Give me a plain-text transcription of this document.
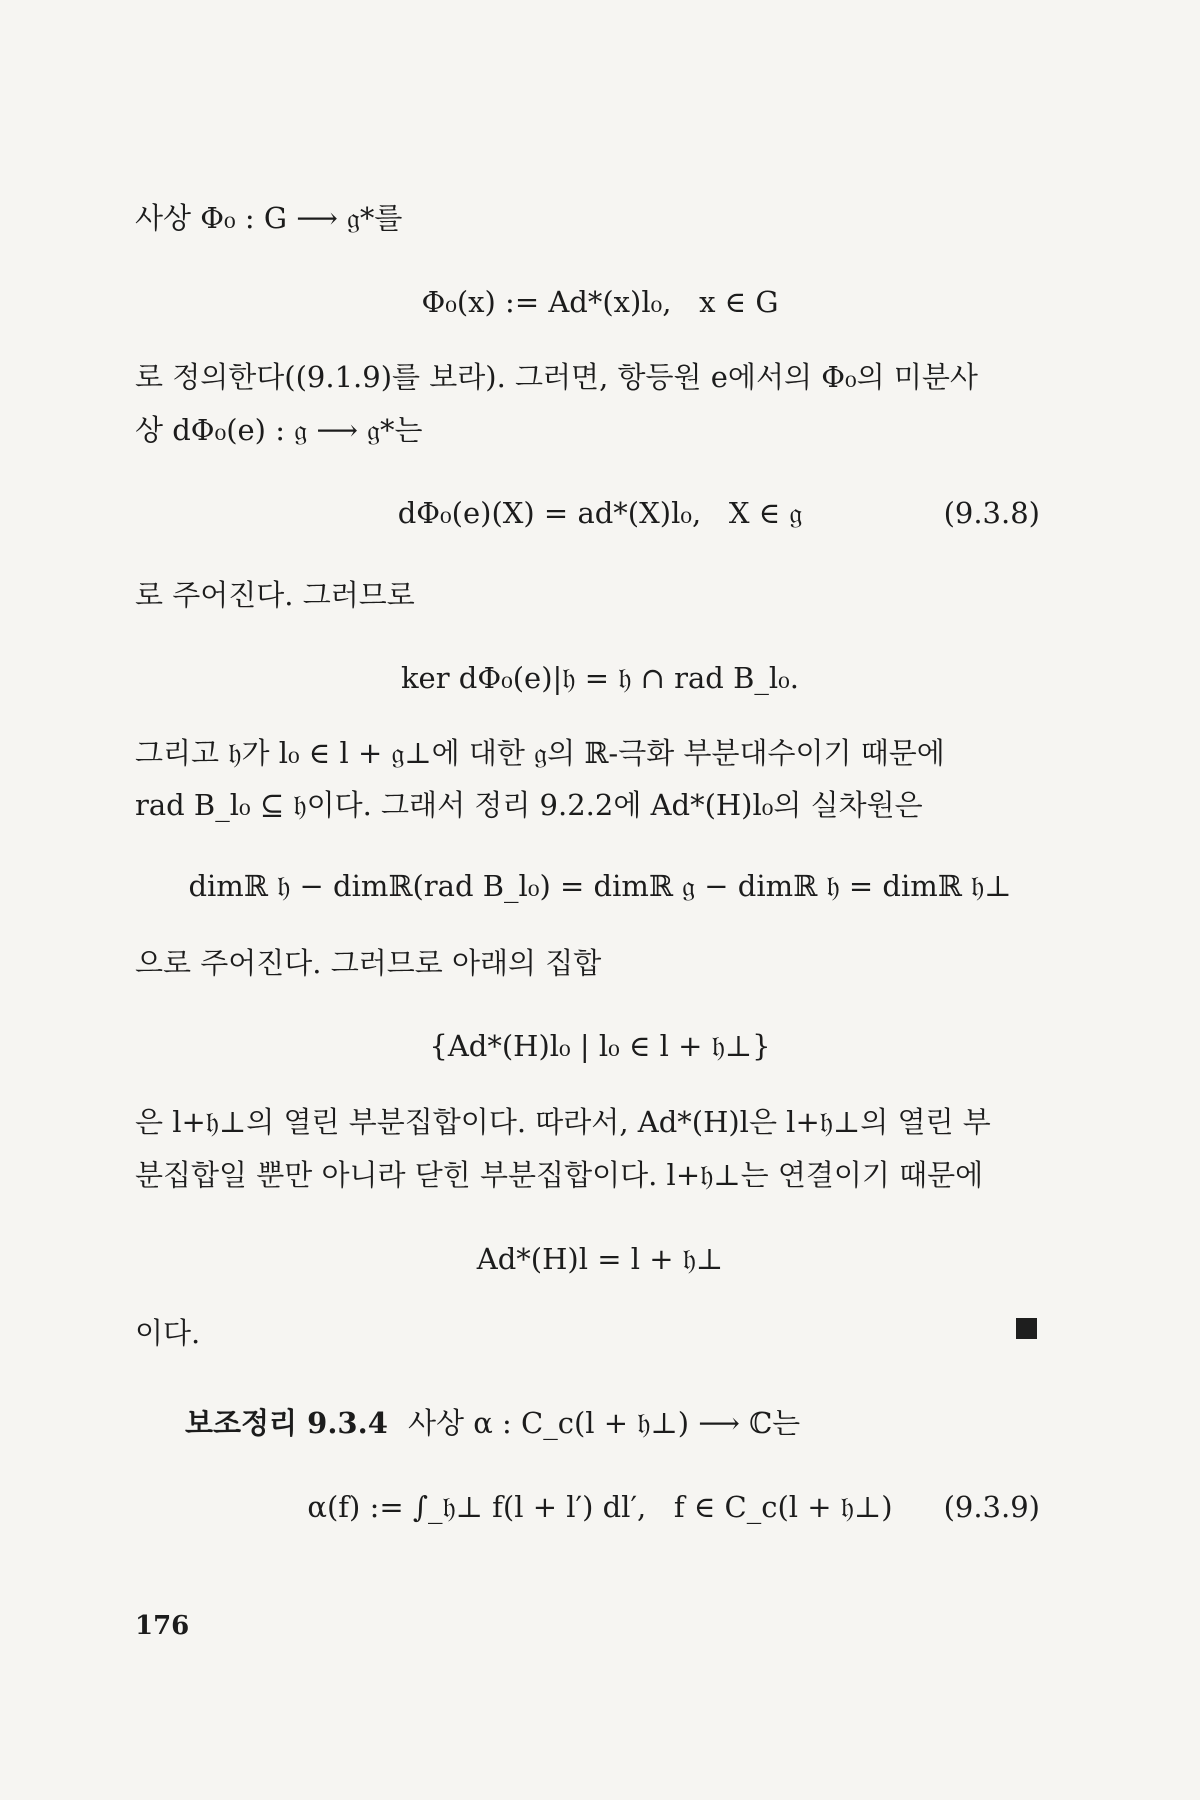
사상 Φ₀ : G ⟶ 𝔤*를
Φ₀(x) := Ad*(x)l₀,   x ∈ G
로 정의한다((9.1.9)를 보라). 그러면, 항등원 e에서의 Φ₀의 미분사
상 dΦ₀(e) : 𝔤 ⟶ 𝔤*는
dΦ₀(e)(X) = ad*(X)l₀,   X ∈ 𝔤	(9.3.8)
로 주어진다. 그러므로
ker dΦ₀(e)|𝔥 = 𝔥 ∩ rad B_l₀.
그리고 𝔥가 l₀ ∈ l + 𝔤⊥에 대한 𝔤의 ℝ-극화 부분대수이기 때문에
rad B_l₀ ⊆ 𝔥이다. 그래서 정리 9.2.2에 Ad*(H)l₀의 실차원은
dimℝ 𝔥 − dimℝ(rad B_l₀) = dimℝ 𝔤 − dimℝ 𝔥 = dimℝ 𝔥⊥
으로 주어진다. 그러므로 아래의 집합
{Ad*(H)l₀ | l₀ ∈ l + 𝔥⊥}
은 l+𝔥⊥의 열린 부분집합이다. 따라서, Ad*(H)l은 l+𝔥⊥의 열린 부
분집합일 뿐만 아니라 닫힌 부분집합이다. l+𝔥⊥는 연결이기 때문에
Ad*(H)l = l + 𝔥⊥
이다.
보조정리 9.3.4 사상 α : C_c(l + 𝔥⊥) ⟶ ℂ는
α(f) := ∫_𝔥⊥ f(l + l′) dl′,   f ∈ C_c(l + 𝔥⊥)	(9.3.9)
176
